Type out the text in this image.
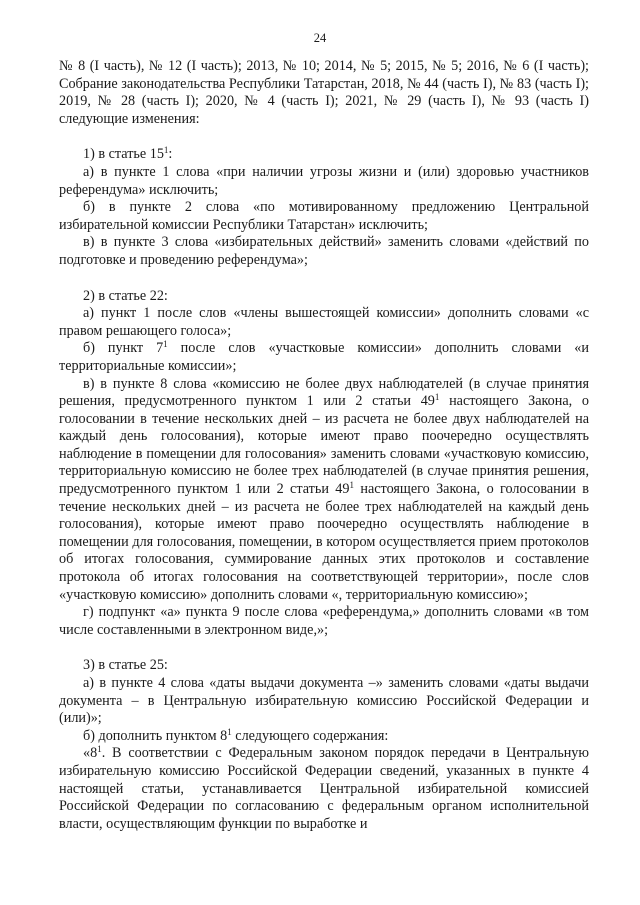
24

№ 8 (I часть), № 12 (I часть); 2013, № 10; 2014, № 5; 2015, № 5; 2016, № 6 (I часть); Собрание законодательства Республики Татарстан, 2018, № 44 (часть I), № 83 (часть I); 2019, № 28 (часть I); 2020, № 4 (часть I); 2021, № 29 (часть I), № 93 (часть I) следующие изменения:

1) в статье $15^1$:

а) в пункте 1 слова «при наличии угрозы жизни и (или) здоровью участников референдума» исключить;

б) в пункте 2 слова «по мотивированному предложению Центральной избирательной комиссии Республики Татарстан» исключить;

в) в пункте 3 слова «избирательных действий» заменить словами «действий по подготовке и проведению референдума»;

2) в статье 22:

а) пункт 1 после слов «члены вышестоящей комиссии» дополнить словами «с правом решающего голоса»;

б) пункт $7^1$ после слов «участковые комиссии» дополнить словами «и территориальные комиссии»;

в) в пункте 8 слова «комиссию не более двух наблюдателей (в случае принятия решения, предусмотренного пунктом 1 или 2 статьи $49^1$ настоящего Закона, о голосовании в течение нескольких дней – из расчета не более двух наблюдателей на каждый день голосования), которые имеют право поочередно осуществлять наблюдение в помещении для голосования» заменить словами «участковую комиссию, территориальную комиссию не более трех наблюдателей (в случае принятия решения, предусмотренного пунктом 1 или 2 статьи $49^1$ настоящего Закона, о голосовании в течение нескольких дней – из расчета не более трех наблюдателей на каждый день голосования), которые имеют право поочередно осуществлять наблюдение в помещении для голосования, помещении, в котором осуществляется прием протоколов об итогах голосования, суммирование данных этих протоколов и составление протокола об итогах голосования на соответствующей территории», после слов «участковую комиссию» дополнить словами «, территориальную комиссию»;

г) подпункт «а» пункта 9 после слова «референдума,» дополнить словами «в том числе составленными в электронном виде,»;

3) в статье 25:

а) в пункте 4 слова «даты выдачи документа –» заменить словами «даты выдачи документа – в Центральную избирательную комиссию Российской Федерации и (или)»;

б) дополнить пунктом $8^1$ следующего содержания:

«$8^1$. В соответствии с Федеральным законом порядок передачи в Центральную избирательную комиссию Российской Федерации сведений, указанных в пункте 4 настоящей статьи, устанавливается Центральной избирательной комиссией Российской Федерации по согласованию с федеральным органом исполнительной власти, осуществляющим функции по выработке и
